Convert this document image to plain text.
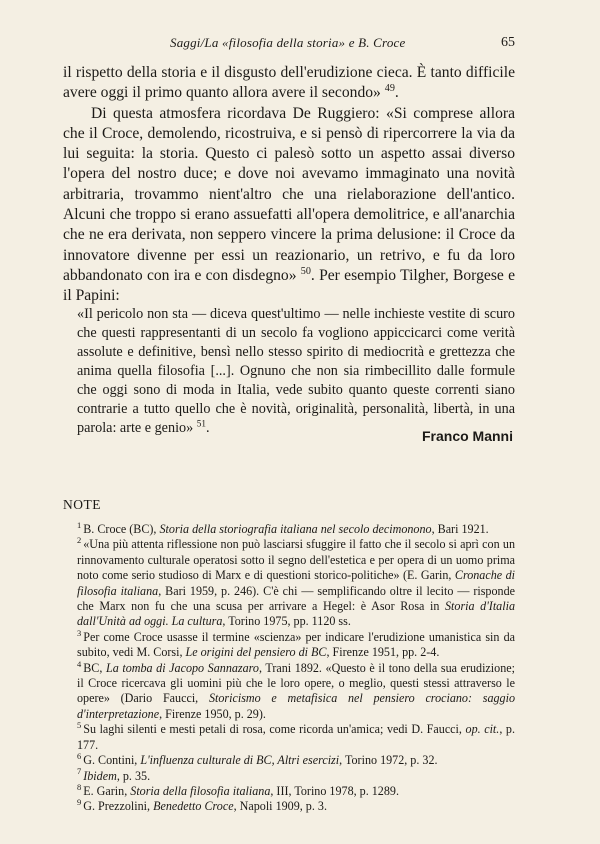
Saggi/La «filosofia della storia» e B. Croce	65

il rispetto della storia e il disgusto dell'erudizione cieca. È tanto difficile avere oggi il primo quanto allora avere il secondo» $^{49}$.

Di questa atmosfera ricordava De Ruggiero: «Si comprese allora che il Croce, demolendo, ricostruiva, e si pensò di ripercorrere la via da lui seguita: la storia. Questo ci palesò sotto un aspetto assai diverso l'opera del nostro duce; e dove noi avevamo immaginato una novità arbitraria, trovammo nient'altro che una rielaborazione dell'antico. Alcuni che troppo si erano assuefatti all'opera demolitrice, e all'anarchia che ne era derivata, non seppero vincere la prima delusione: il Croce da innovatore divenne per essi un reazionario, un retrivo, e fu da loro abbandonato con ira e con disdegno» $^{50}$. Per esempio Tilgher, Borgese e il Papini:

«Il pericolo non sta — diceva quest'ultimo — nelle inchieste vestite di scuro che questi rappresentanti di un secolo fa vogliono appiccicarci come verità assolute e definitive, bensì nello stesso spirito di mediocrità e grettezza che anima quella filosofia [...]. Ognuno che non sia rimbecillito dalle formule che oggi sono di moda in Italia, vede subito quanto queste correnti siano contrarie a tutto quello che è novità, originalità, personalità, libertà, in una parola: arte e genio» $^{51}$.	Franco Manni
NOTE

$^1$ B. Croce (BC), Storia della storiografia italiana nel secolo decimonono, Bari 1921.

$^2$ «Una più attenta riflessione non può lasciarsi sfuggire il fatto che il secolo si aprì con un rinnovamento culturale operatosi sotto il segno dell'estetica e per opera di un uomo prima noto come serio studioso di Marx e di questioni storico-politiche» (E. Garin, Cronache di filosofia italiana, Bari 1959, p. 246). C'è chi — semplificando oltre il lecito — risponde che Marx non fu che una scusa per arrivare a Hegel: è Asor Rosa in Storia d'Italia dall'Unità ad oggi. La cultura, Torino 1975, pp. 1120 ss.

$^3$ Per come Croce usasse il termine «scienza» per indicare l'erudizione umanistica sin da subito, vedi M. Corsi, Le origini del pensiero di BC, Firenze 1951, pp. 2-4.

$^4$ BC, La tomba di Jacopo Sannazaro, Trani 1892. «Questo è il tono della sua erudizione; il Croce ricercava gli uomini più che le loro opere, o meglio, questi stessi attraverso le opere» (Dario Faucci, Storicismo e metafisica nel pensiero crociano: saggio d'interpretazione, Firenze 1950, p. 29).

$^5$ Su laghi silenti e mesti petali di rosa, come ricorda un'amica; vedi D. Faucci, op. cit., p. 177.

$^6$ G. Contini, L'influenza culturale di BC, Altri esercizi, Torino 1972, p. 32.

$^7$ Ibidem, p. 35.

$^8$ E. Garin, Storia della filosofia italiana, III, Torino 1978, p. 1289.

$^9$ G. Prezzolini, Benedetto Croce, Napoli 1909, p. 3.
